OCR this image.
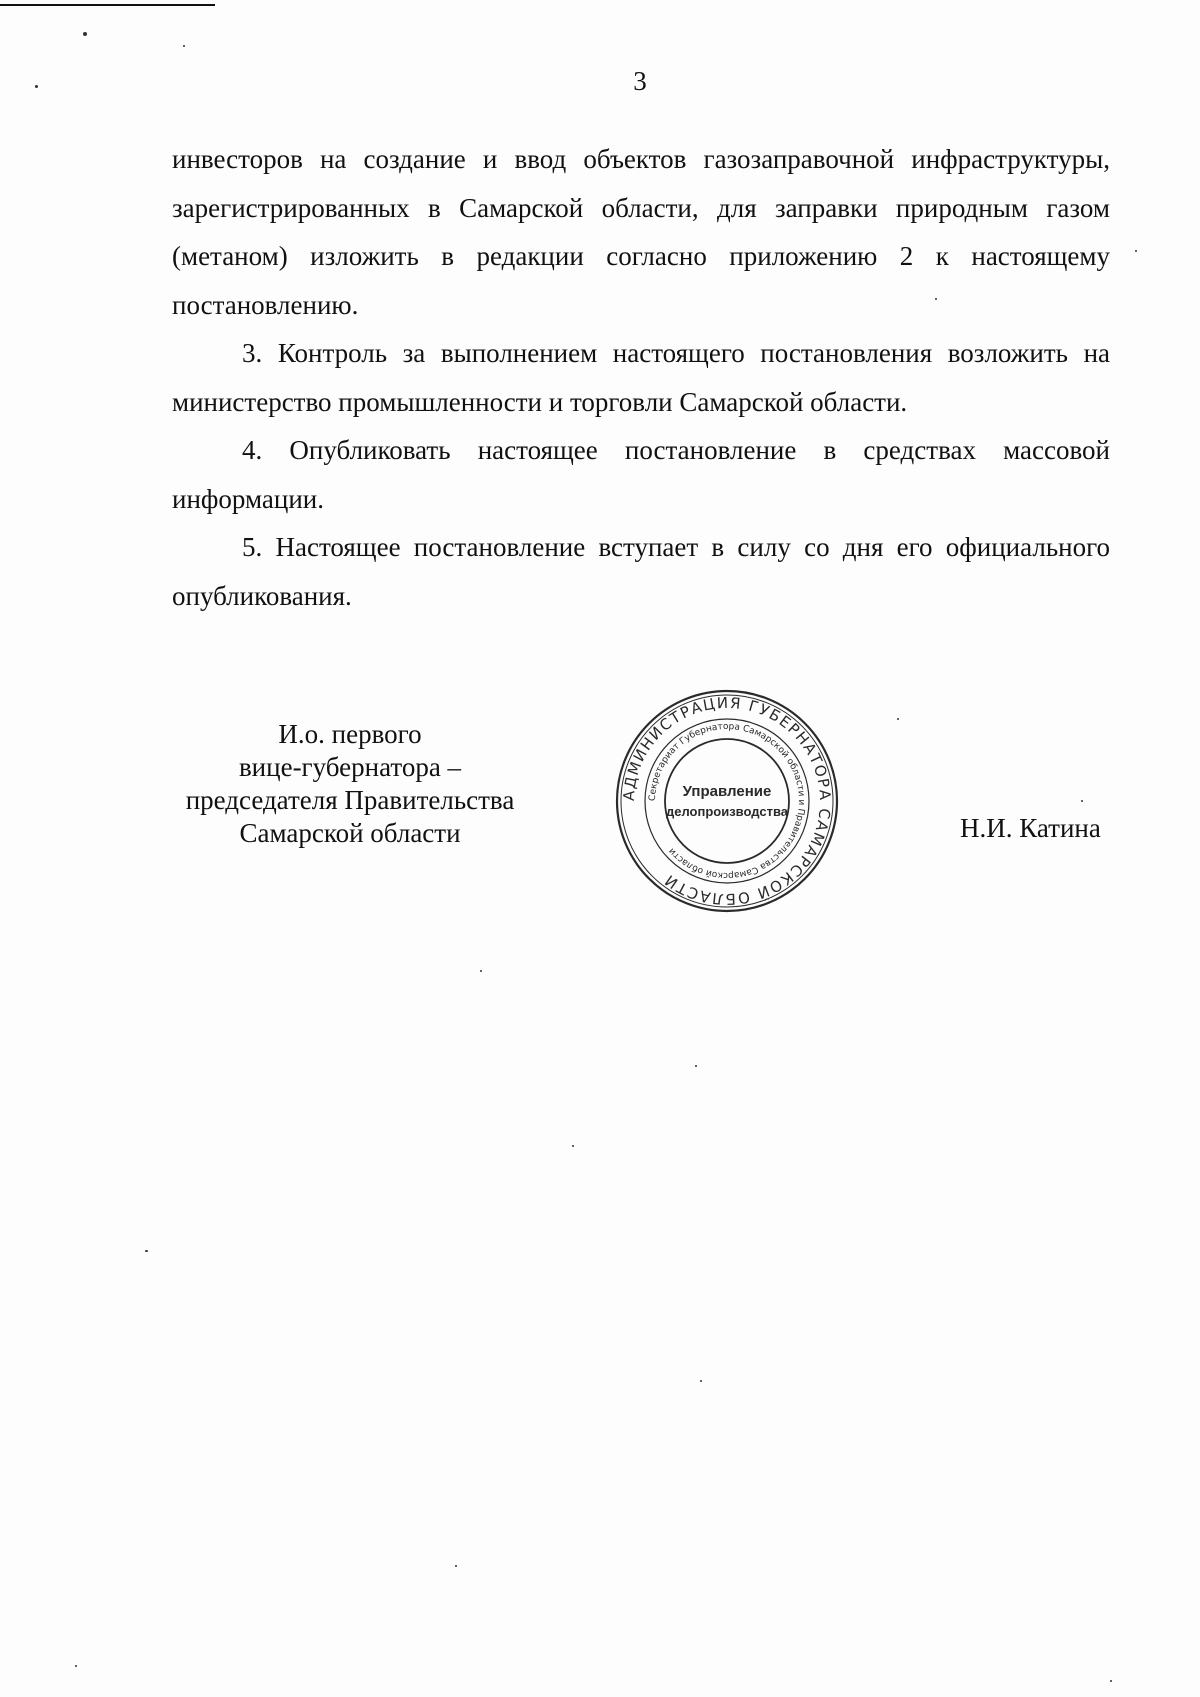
3

инвесторов на создание и ввод объектов газозаправочной инфраструктуры, зарегистрированных в Самарской области, для заправки природным газом (метаном) изложить в редакции согласно приложению 2 к настоящему постановлению.

3. Контроль за выполнением настоящего постановления возложить на министерство промышленности и торговли Самарской области.

4. Опубликовать настоящее постановление в средствах массовой информации.

5. Настоящее постановление вступает в силу со дня его официального опубликования.

И.о. первого
вице-губернатора –
председателя Правительства
Самарской области
АДМИНИСТРАЦИЯ ГУБЕРНАТОРА САМАРСКОЙ ОБЛАСТИ
Секретариат Губернатора Самарской области и Правительства Самарской области
Управление
делопроизводства
Н.И. Катина
